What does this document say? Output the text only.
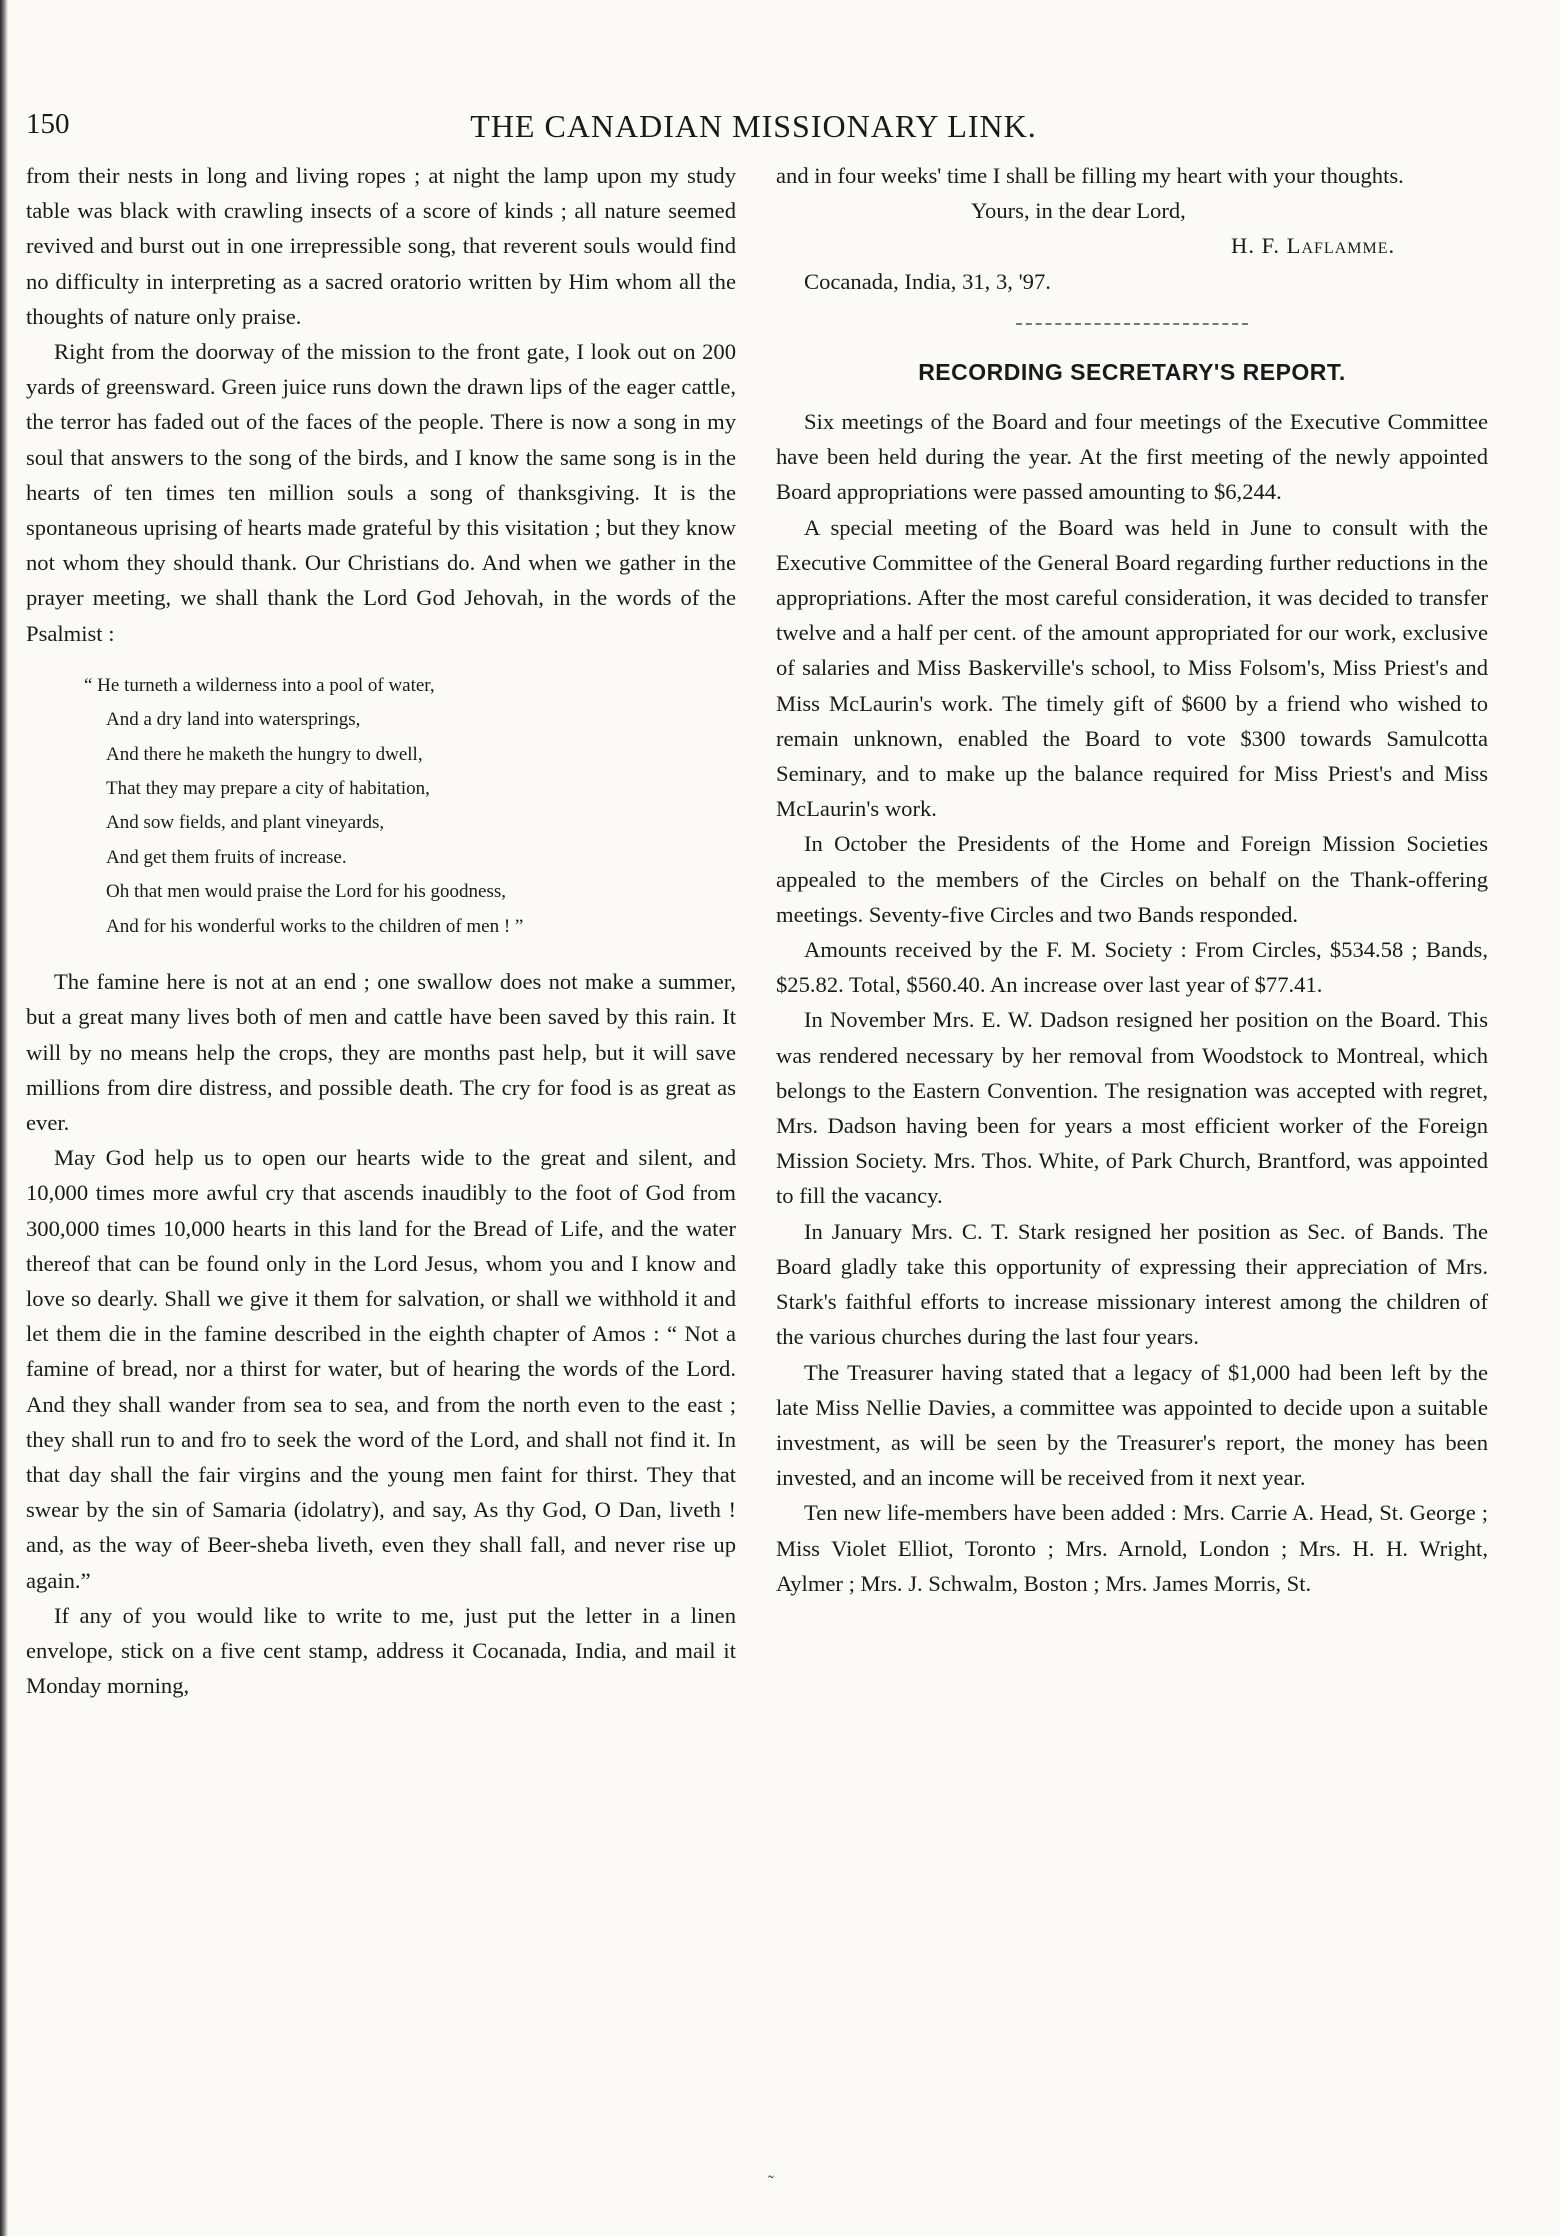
150	THE CANADIAN MISSIONARY LINK.

from their nests in long and living ropes ; at night the lamp upon my study table was black with crawling insects of a score of kinds ; all nature seemed revived and burst out in one irrepressible song, that reverent souls would find no difficulty in interpreting as a sacred oratorio written by Him whom all the thoughts of nature only praise.

Right from the doorway of the mission to the front gate, I look out on 200 yards of greensward. Green juice runs down the drawn lips of the eager cattle, the terror has faded out of the faces of the people. There is now a song in my soul that answers to the song of the birds, and I know the same song is in the hearts of ten times ten million souls a song of thanksgiving. It is the spontaneous uprising of hearts made grateful by this visitation ; but they know not whom they should thank. Our Christians do. And when we gather in the prayer meeting, we shall thank the Lord God Jehovah, in the words of the Psalmist :

“ He turneth a wilderness into a pool of water,
And a dry land into watersprings,
And there he maketh the hungry to dwell,
That they may prepare a city of habitation,
And sow fields, and plant vineyards,
And get them fruits of increase.
Oh that men would praise the Lord for his goodness,
And for his wonderful works to the children of men ! ”

The famine here is not at an end ; one swallow does not make a summer, but a great many lives both of men and cattle have been saved by this rain. It will by no means help the crops, they are months past help, but it will save millions from dire distress, and possible death. The cry for food is as great as ever.

May God help us to open our hearts wide to the great and silent, and 10,000 times more awful cry that ascends inaudibly to the foot of God from 300,000 times 10,000 hearts in this land for the Bread of Life, and the water thereof that can be found only in the Lord Jesus, whom you and I know and love so dearly. Shall we give it them for salvation, or shall we withhold it and let them die in the famine described in the eighth chapter of Amos : “ Not a famine of bread, nor a thirst for water, but of hearing the words of the Lord. And they shall wander from sea to sea, and from the north even to the east ; they shall run to and fro to seek the word of the Lord, and shall not find it. In that day shall the fair virgins and the young men faint for thirst. They that swear by the sin of Samaria (idolatry), and say, As thy God, O Dan, liveth ! and, as the way of Beer-sheba liveth, even they shall fall, and never rise up again.”

If any of you would like to write to me, just put the letter in a linen envelope, stick on a five cent stamp, address it Cocanada, India, and mail it Monday morning,

and in four weeks' time I shall be filling my heart with your thoughts.

Yours, in the dear Lord,
H. F. Laflamme.

Cocanada, India, 31, 3, '97.

RECORDING SECRETARY'S REPORT.

Six meetings of the Board and four meetings of the Executive Committee have been held during the year. At the first meeting of the newly appointed Board appropriations were passed amounting to $6,244.

A special meeting of the Board was held in June to consult with the Executive Committee of the General Board regarding further reductions in the appropriations. After the most careful consideration, it was decided to transfer twelve and a half per cent. of the amount appropriated for our work, exclusive of salaries and Miss Baskerville's school, to Miss Folsom's, Miss Priest's and Miss McLaurin's work. The timely gift of $600 by a friend who wished to remain unknown, enabled the Board to vote $300 towards Samulcotta Seminary, and to make up the balance required for Miss Priest's and Miss McLaurin's work.

In October the Presidents of the Home and Foreign Mission Societies appealed to the members of the Circles on behalf on the Thank-offering meetings. Seventy-five Circles and two Bands responded.

Amounts received by the F. M. Society : From Circles, $534.58 ; Bands, $25.82. Total, $560.40. An increase over last year of $77.41.

In November Mrs. E. W. Dadson resigned her position on the Board. This was rendered necessary by her removal from Woodstock to Montreal, which belongs to the Eastern Convention. The resignation was accepted with regret, Mrs. Dadson having been for years a most efficient worker of the Foreign Mission Society. Mrs. Thos. White, of Park Church, Brantford, was appointed to fill the vacancy.

In January Mrs. C. T. Stark resigned her position as Sec. of Bands. The Board gladly take this opportunity of expressing their appreciation of Mrs. Stark's faithful efforts to increase missionary interest among the children of the various churches during the last four years.

The Treasurer having stated that a legacy of $1,000 had been left by the late Miss Nellie Davies, a committee was appointed to decide upon a suitable investment, as will be seen by the Treasurer's report, the money has been invested, and an income will be received from it next year.

Ten new life-members have been added : Mrs. Carrie A. Head, St. George ; Miss Violet Elliot, Toronto ; Mrs. Arnold, London ; Mrs. H. H. Wright, Aylmer ; Mrs. J. Schwalm, Boston ; Mrs. James Morris, St.

˜
